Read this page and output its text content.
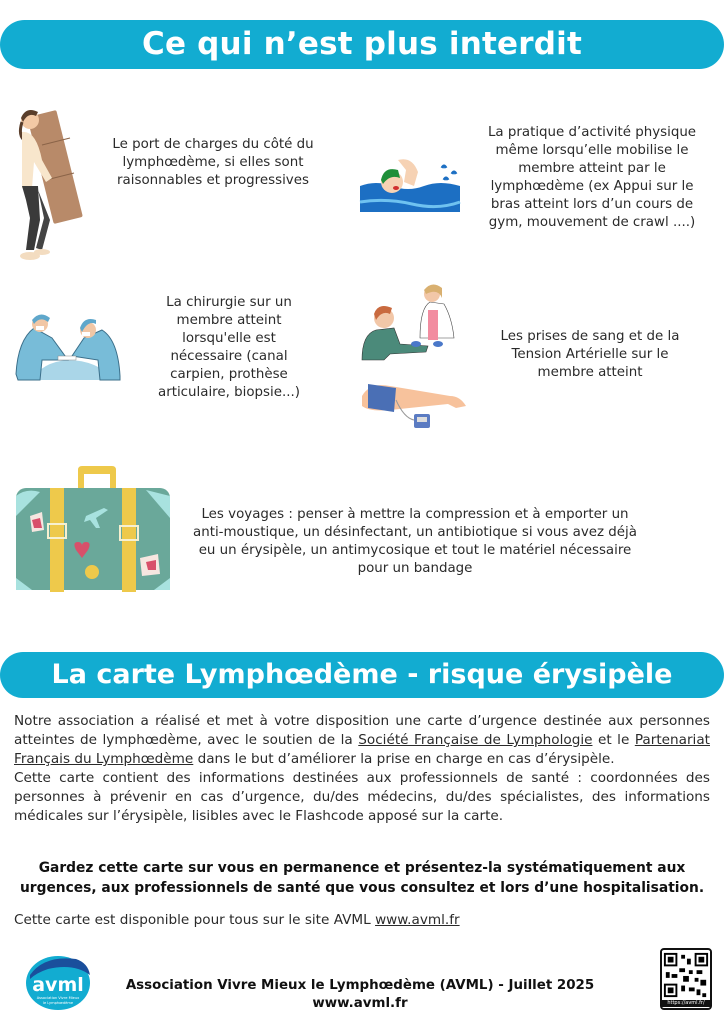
Ce qui n’est plus interdit
Le port de charges du côté du lymphœdème, si elles sont raisonnables et progressives
La pratique d’activité physique même lorsqu’elle mobilise le membre atteint par le lymphœdème (ex Appui sur le bras atteint lors d’un cours de gym, mouvement de crawl ....)
La chirurgie sur un membre atteint lorsqu'elle est nécessaire (canal carpien, prothèse articulaire, biopsie...)
Les prises de sang et de la Tension Artérielle sur le membre atteint
Les voyages : penser à mettre la compression et à emporter un anti-moustique, un désinfectant, un antibiotique si vous avez déjà eu un érysipèle, un antimycosique et tout le matériel nécessaire pour un bandage
La carte Lymphœdème - risque érysipèle
Notre association a réalisé et met à votre disposition une carte d’urgence destinée aux personnes atteintes de lymphœdème, avec le soutien de la Société Française de Lymphologie et le Partenariat Français du Lymphœdème dans le but d’améliorer la prise en charge en cas d’érysipèle.
Cette carte contient des informations destinées aux professionnels de santé : coordonnées des personnes à prévenir en cas d’urgence, du/des médecins, du/des spécialistes, des informations médicales sur l’érysipèle, lisibles avec le Flashcode apposé sur la carte.
Gardez cette carte sur vous en permanence et présentez-la systématiquement aux urgences, aux professionnels de santé que vous consultez et lors d’une hospitalisation.
Cette carte est disponible pour tous sur le site AVML www.avml.fr
avml
Association Vivre Mieux
le Lymphœdème
Association Vivre Mieux le Lymphœdème (AVML) - Juillet 2025
www.avml.fr	https://avml.fr/
